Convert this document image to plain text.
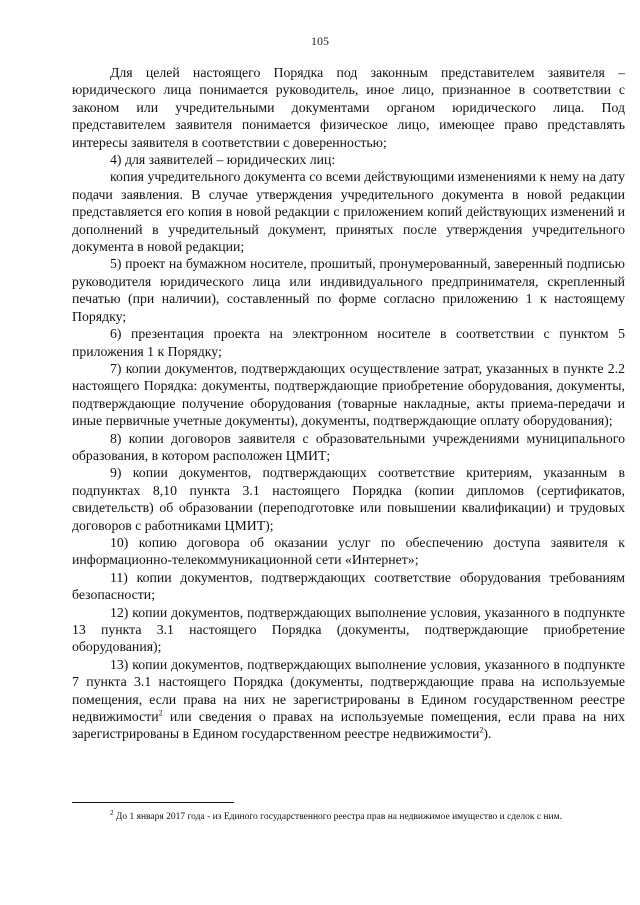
105

Для целей настоящего Порядка под законным представителем заявителя – юридического лица понимается руководитель, иное лицо, признанное в соответствии с законом или учредительными документами органом юридического лица. Под представителем заявителя понимается физическое лицо, имеющее право представлять интересы заявителя в соответствии с доверенностью;

4) для заявителей – юридических лиц:

копия учредительного документа со всеми действующими изменениями к нему на дату подачи заявления. В случае утверждения учредительного документа в новой редакции представляется его копия в новой редакции с приложением копий действующих изменений и дополнений в учредительный документ, принятых после утверждения учредительного документа в новой редакции;

5) проект на бумажном носителе, прошитый, пронумерованный, заверенный подписью руководителя юридического лица или индивидуального предпринимателя, скрепленный печатью (при наличии), составленный по форме согласно приложению 1 к настоящему Порядку;

6) презентация проекта на электронном носителе в соответствии с пунктом 5 приложения 1 к Порядку;

7) копии документов, подтверждающих осуществление затрат, указанных в пункте 2.2 настоящего Порядка: документы, подтверждающие приобретение оборудования, документы, подтверждающие получение оборудования (товарные накладные, акты приема-передачи и иные первичные учетные документы), документы, подтверждающие оплату оборудования);

8) копии договоров заявителя с образовательными учреждениями муниципального образования, в котором расположен ЦМИТ;

9) копии документов, подтверждающих соответствие критериям, указанным в подпунктах 8,10 пункта 3.1 настоящего Порядка (копии дипломов (сертификатов, свидетельств) об образовании (переподготовке или повышении квалификации) и трудовых договоров с работниками ЦМИТ);

10) копию договора об оказании услуг по обеспечению доступа заявителя к информационно-телекоммуникационной сети «Интернет»;

11) копии документов, подтверждающих соответствие оборудования требованиям безопасности;

12) копии документов, подтверждающих выполнение условия, указанного в подпункте 13 пункта 3.1 настоящего Порядка (документы, подтверждающие приобретение оборудования);

13) копии документов, подтверждающих выполнение условия, указанного в подпункте 7 пункта 3.1 настоящего Порядка (документы, подтверждающие права на используемые помещения, если права на них не зарегистрированы в Едином государственном реестре недвижимости$^2$ или сведения о правах на используемые помещения, если права на них зарегистрированы в Едином государственном реестре недвижимости$^2$).

$^2$ До 1 января 2017 года - из Единого государственного реестра прав на недвижимое имущество и сделок с ним.
